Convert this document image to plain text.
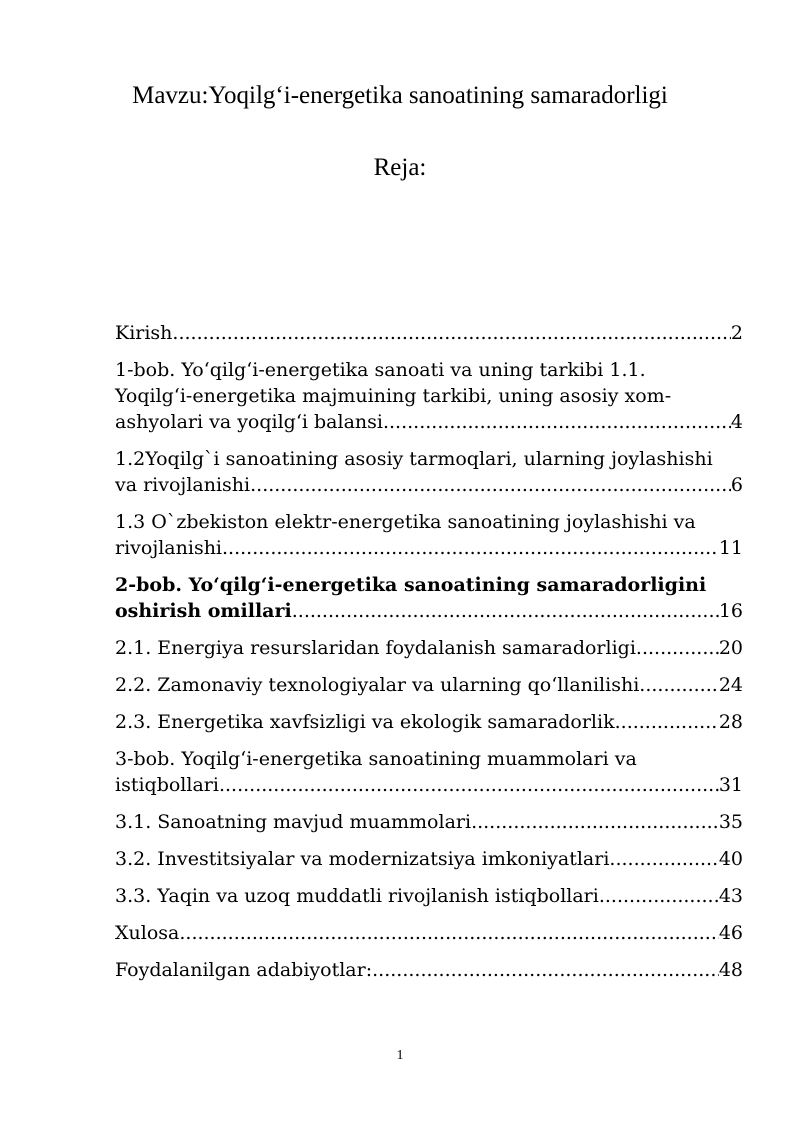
Mavzu:Yoqilg‘i-energetika sanoatining samaradorligi
Reja:
Kirish .....	2
1-bob. Yo‘qilg‘i-energetika sanoati va uning tarkibi 1.1.
Yoqilg‘i-energetika majmuining tarkibi, uning asosiy xom-
ashyolari va yoqilg‘i balansi .....	4
1.2Yoqilg`i sanoatining asosiy tarmoqlari, ularning joylashishi
va rivojlanishi .....	6
1.3 O`zbekiston elektr-energetika sanoatining joylashishi va
rivojlanishi .....	11
2-bob. Yo‘qilg‘i-energetika sanoatining samaradorligini
oshirish omillari .....	16
2.1. Energiya resurslaridan foydalanish samaradorligi .....	20
2.2. Zamonaviy texnologiyalar va ularning qo‘llanilishi .....	24
2.3. Energetika xavfsizligi va ekologik samaradorlik .....	28
3-bob. Yoqilg‘i-energetika sanoatining muammolari va
istiqbollari .....	31
3.1. Sanoatning mavjud muammolari .....	35
3.2. Investitsiyalar va modernizatsiya imkoniyatlari .....	40
3.3. Yaqin va uzoq muddatli rivojlanish istiqbollari .....	43
Xulosa .....	46
Foydalanilgan adabiyotlar: .....	48
1
